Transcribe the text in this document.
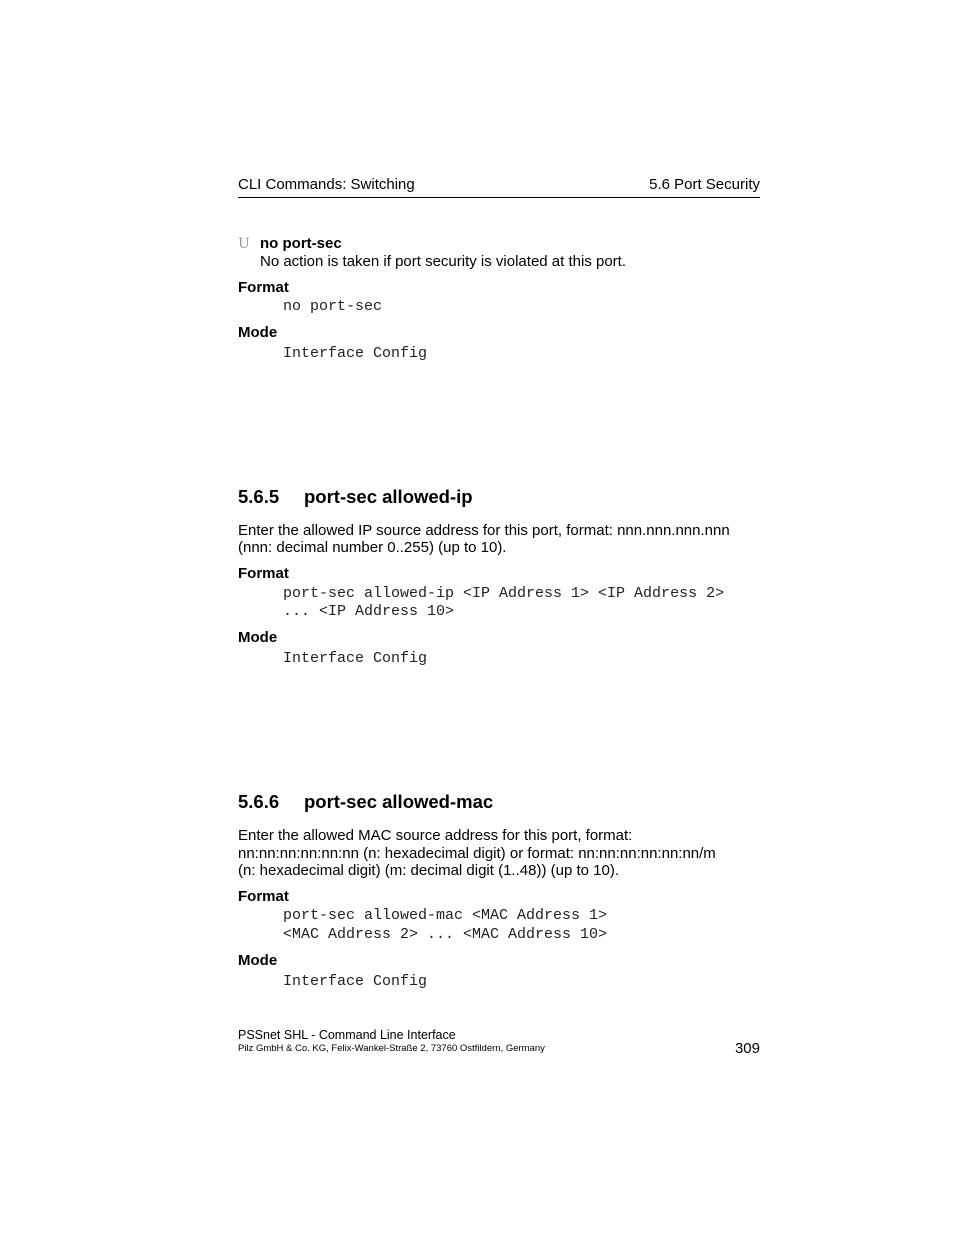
CLI Commands: Switching	5.6 Port Security
U no port-sec
No action is taken if port security is violated at this port.
Format
no port-sec
Mode
Interface Config
5.6.5 port-sec allowed-ip
Enter the allowed IP source address for this port, format: nnn.nnn.nnn.nnn
(nnn: decimal number 0..255) (up to 10).
Format
port-sec allowed-ip <IP Address 1> <IP Address 2>
... <IP Address 10>
Mode
Interface Config
5.6.6 port-sec allowed-mac
Enter the allowed MAC source address for this port, format:
nn:nn:nn:nn:nn:nn (n: hexadecimal digit) or format: nn:nn:nn:nn:nn:nn/m
(n: hexadecimal digit) (m: decimal digit (1..48)) (up to 10).
Format
port-sec allowed-mac <MAC Address 1>
<MAC Address 2> ... <MAC Address 10>
Mode
Interface Config
PSSnet SHL - Command Line Interface
Pilz GmbH & Co. KG, Felix-Wankel-Straße 2, 73760 Ostfildern, Germany	309
